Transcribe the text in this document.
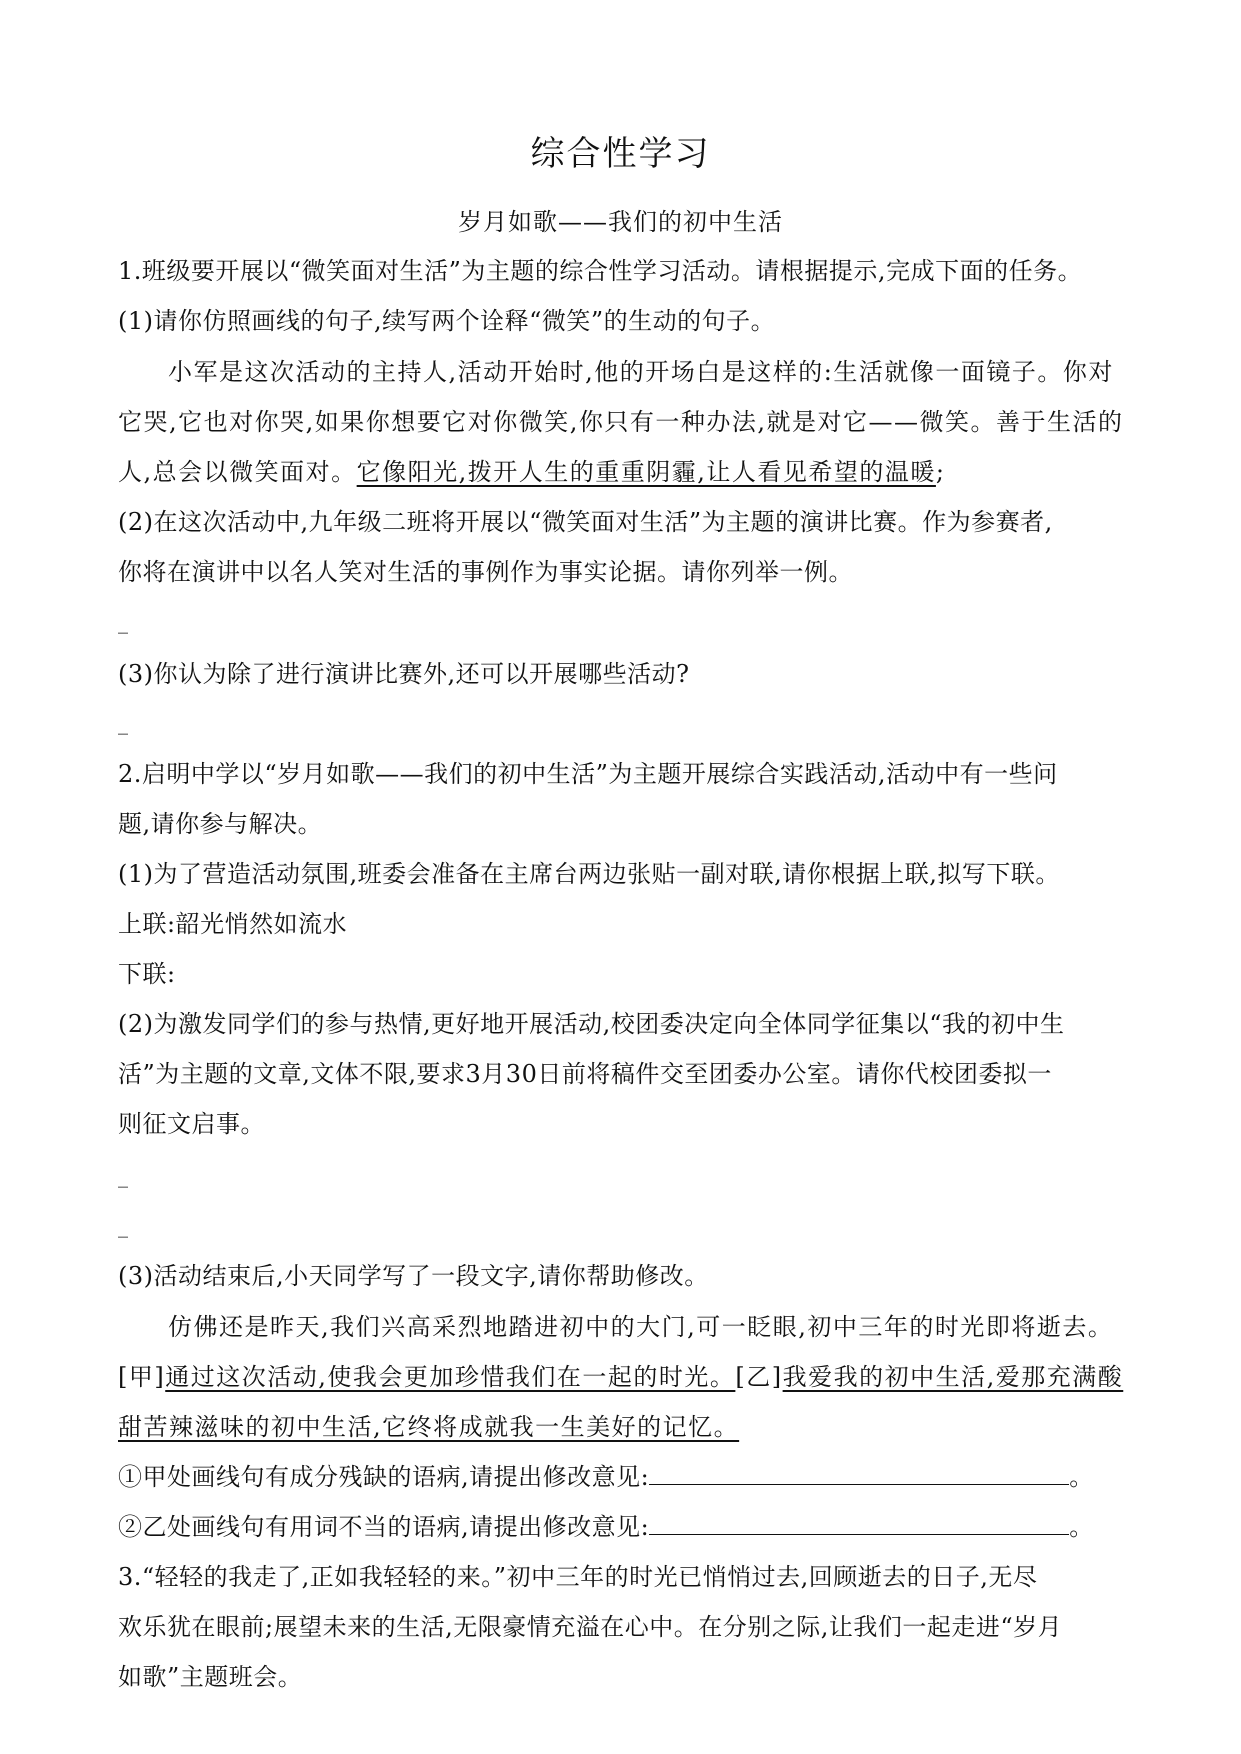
综合性学习
岁月如歌——我们的初中生活
1.班级要开展以“微笑面对生活”为主题的综合性学习活动。请根据提示,完成下面的任务。
(1)请你仿照画线的句子,续写两个诠释“微笑”的生动的句子。
小军是这次活动的主持人,活动开始时,他的开场白是这样的:生活就像一面镜子。你对
它哭,它也对你哭,如果你想要它对你微笑,你只有一种办法,就是对它——微笑。善于生活的
人,总会以微笑面对。它像阳光,拨开人生的重重阴霾,让人看见希望的温暖;
(2)在这次活动中,九年级二班将开展以“微笑面对生活”为主题的演讲比赛。作为参赛者,
你将在演讲中以名人笑对生活的事例作为事实论据。请你列举一例。
_
(3)你认为除了进行演讲比赛外,还可以开展哪些活动?
_
2.启明中学以“岁月如歌——我们的初中生活”为主题开展综合实践活动,活动中有一些问
题,请你参与解决。
(1)为了营造活动氛围,班委会准备在主席台两边张贴一副对联,请你根据上联,拟写下联。
上联:韶光悄然如流水
下联:
(2)为激发同学们的参与热情,更好地开展活动,校团委决定向全体同学征集以“我的初中生
活”为主题的文章,文体不限,要求3月30日前将稿件交至团委办公室。请你代校团委拟一
则征文启事。
_
_
(3)活动结束后,小天同学写了一段文字,请你帮助修改。
仿佛还是昨天,我们兴高采烈地踏进初中的大门,可一眨眼,初中三年的时光即将逝去。
[甲]通过这次活动,使我会更加珍惜我们在一起的时光。[乙]我爱我的初中生活,爱那充满酸
甜苦辣滋味的初中生活,它终将成就我一生美好的记忆。
①甲处画线句有成分残缺的语病,请提出修改意见:	。
②乙处画线句有用词不当的语病,请提出修改意见:	。
3.“轻轻的我走了,正如我轻轻的来。”初中三年的时光已悄悄过去,回顾逝去的日子,无尽
欢乐犹在眼前;展望未来的生活,无限豪情充溢在心中。在分别之际,让我们一起走进“岁月
如歌”主题班会。
